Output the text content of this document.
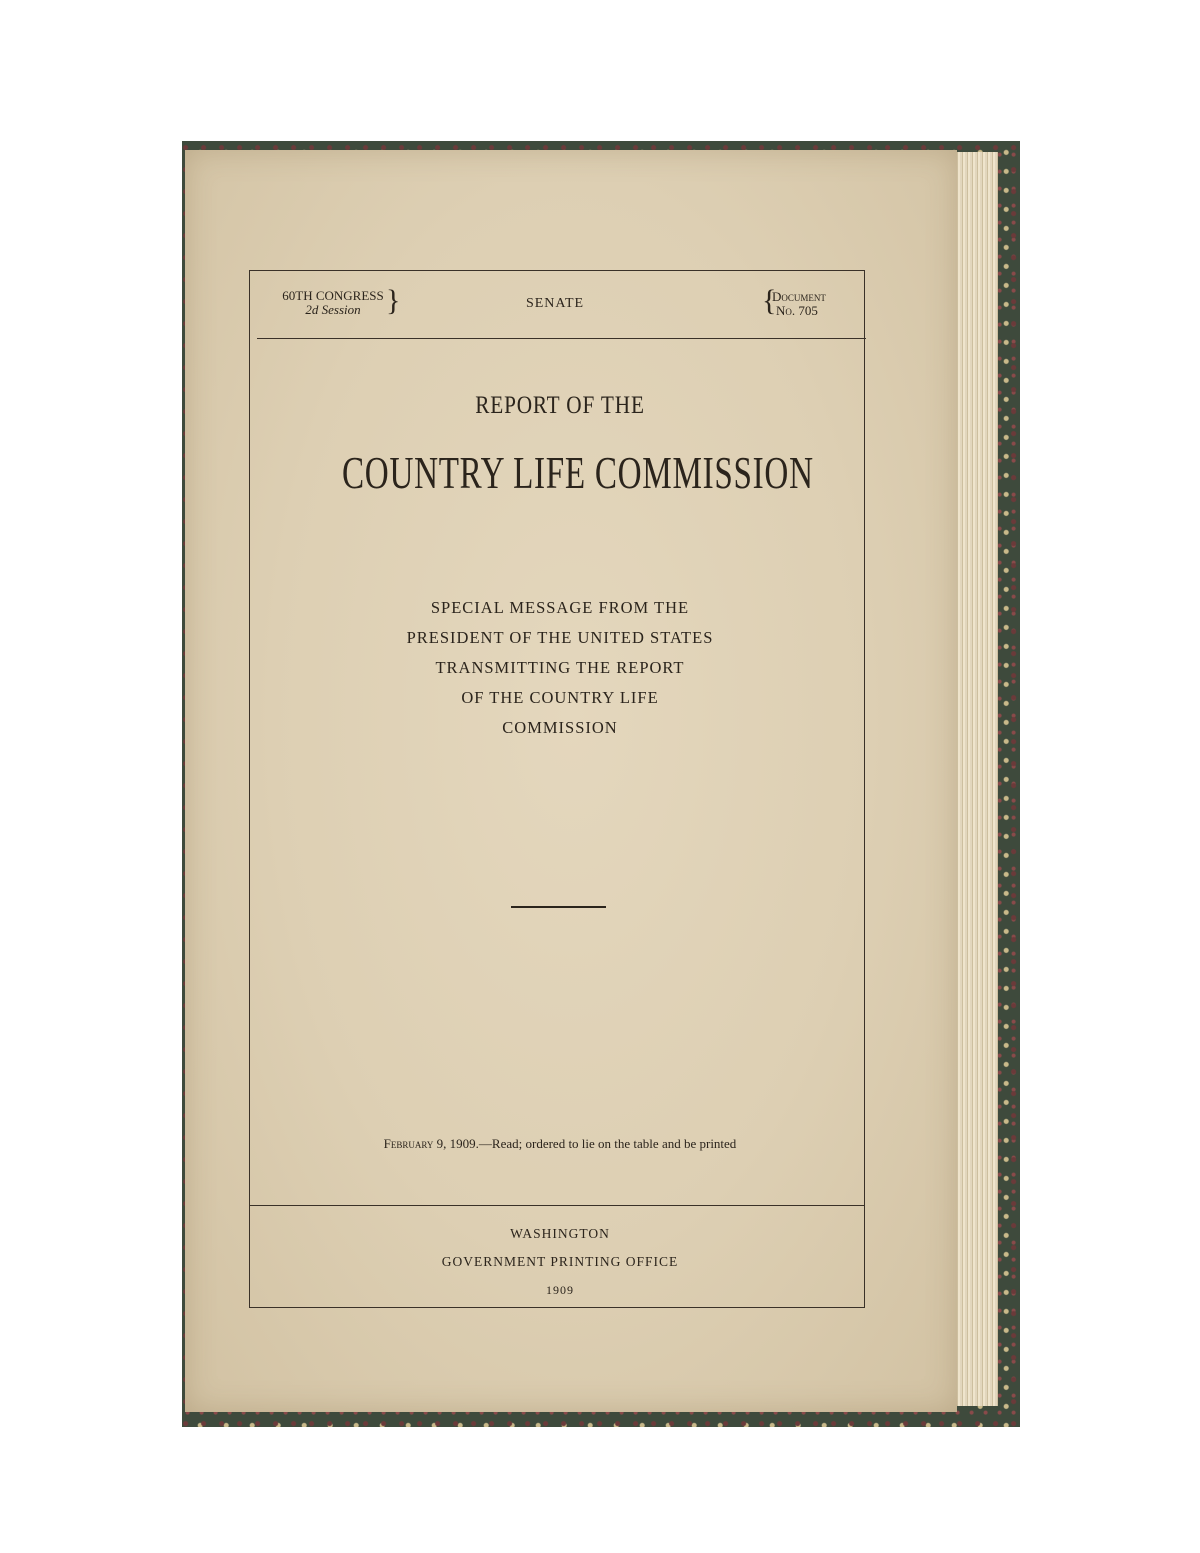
60TH CONGRESS
2d Session }	SENATE	{
Document
No. 705
REPORT OF THE
COUNTRY LIFE COMMISSION
SPECIAL MESSAGE FROM THE
PRESIDENT OF THE UNITED STATES
TRANSMITTING THE REPORT
OF THE COUNTRY LIFE
COMMISSION
February 9, 1909.—Read; ordered to lie on the table and be printed
WASHINGTON
GOVERNMENT PRINTING OFFICE
1909
